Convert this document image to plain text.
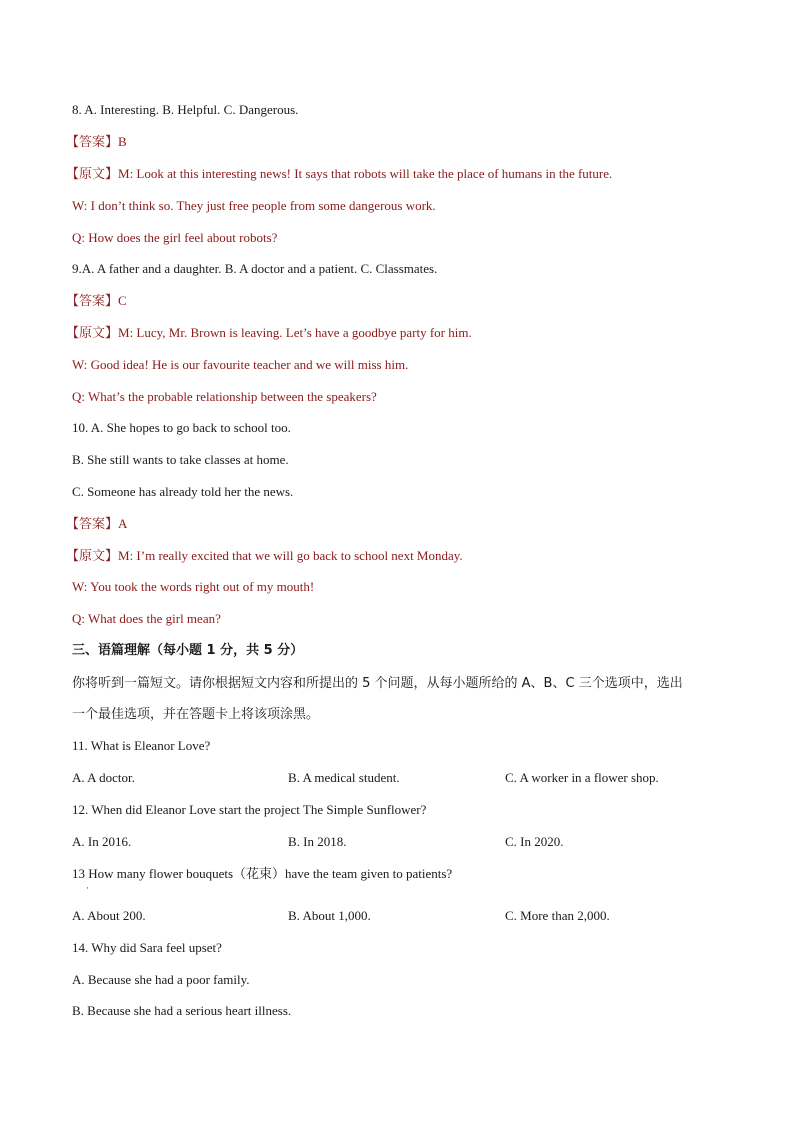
8. A. Interesting. B. Helpful. C. Dangerous.
【答案】B
【原文】M: Look at this interesting news! It says that robots will take the place of humans in the future.
W: I don’t think so. They just free people from some dangerous work.
Q: How does the girl feel about robots?
9.A. A father and a daughter. B. A doctor and a patient. C. Classmates.
【答案】C
【原文】M: Lucy, Mr. Brown is leaving. Let’s have a goodbye party for him.
W: Good idea! He is our favourite teacher and we will miss him.
Q: What’s the probable relationship between the speakers?
10. A. She hopes to go back to school too.
B. She still wants to take classes at home.
C. Someone has already told her the news.
【答案】A
【原文】M: I’m really excited that we will go back to school next Monday.
W: You took the words right out of my mouth!
Q: What does the girl mean?
三、语篇理解（每小题 1 分，共 5 分）
你将听到一篇短文。请你根据短文内容和所提出的 5 个问题，从每小题所给的 A、B、C 三个选项中，选出
一个最佳选项，并在答题卡上将该项涂黑。
11. What is Eleanor Love?
A. A doctor.	B. A medical student.	C. A worker in a flower shop.
12. When did Eleanor Love start the project The Simple Sunflower?
A. In 2016.	B. In 2018.	C. In 2020.
13 How many flower bouquets（花束）have the team given to patients?
·
A. About 200.	B. About 1,000.	C. More than 2,000.
14. Why did Sara feel upset?
A. Because she had a poor family.
B. Because she had a serious heart illness.
